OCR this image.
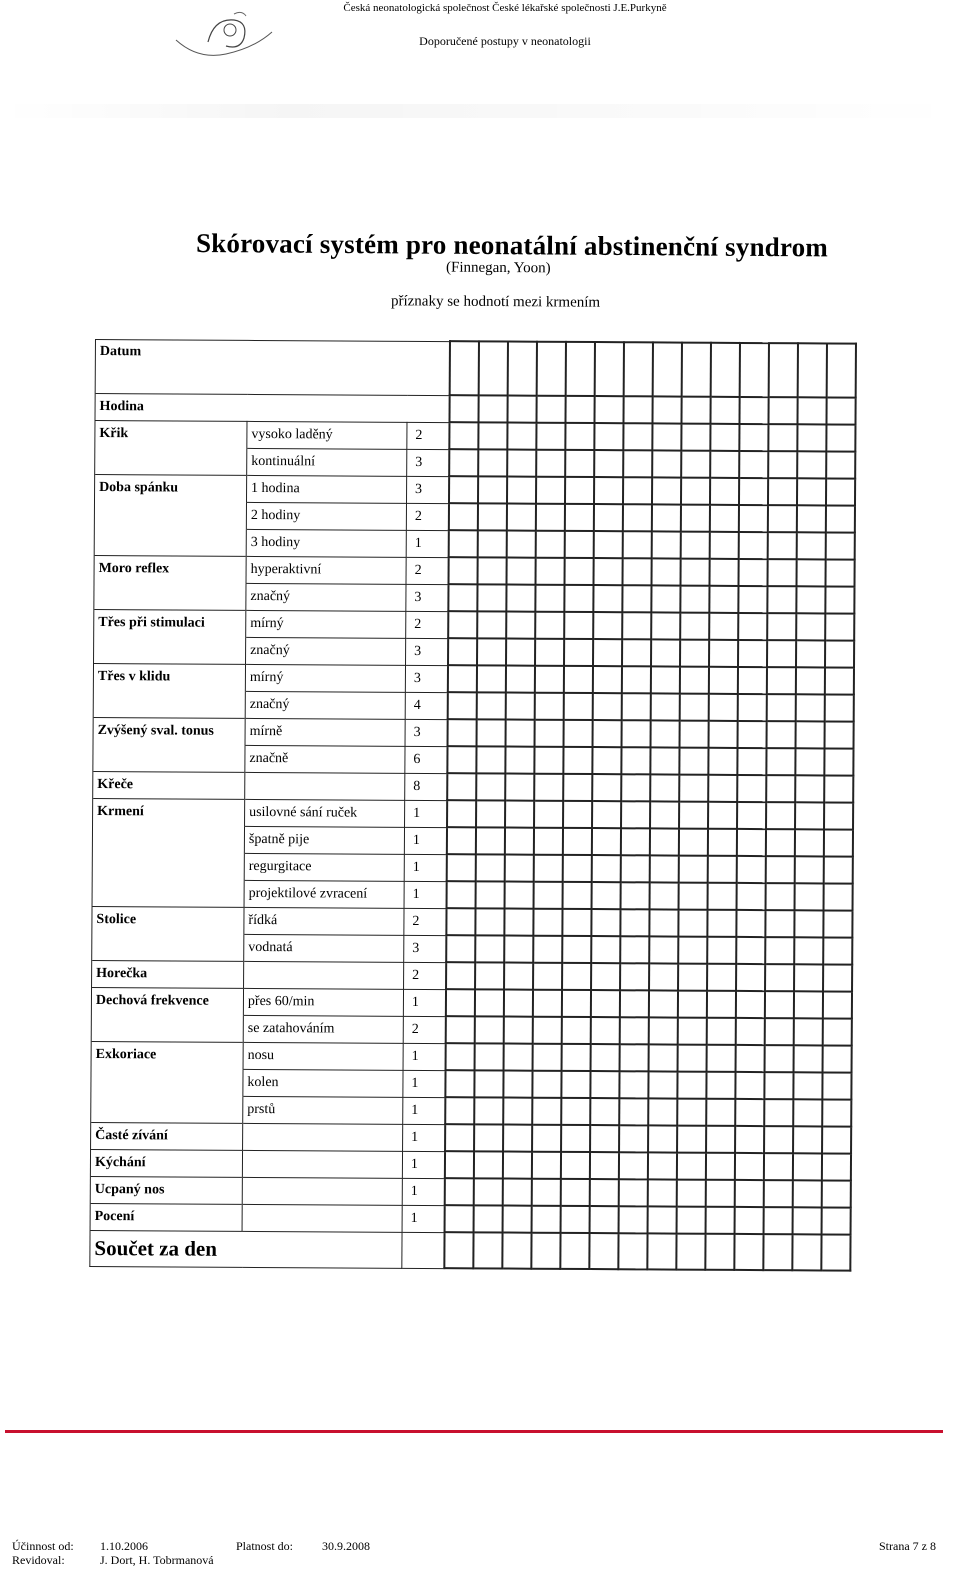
Česká neonatologická společnost České lékařské společnosti J.E.Purkyně
Doporučené postupy v neonatologii
Skórovací systém pro neonatální abstinenční syndrom
(Finnegan, Yoon)
příznaky se hodnotí mezi krmením
Datum																
Hodina																
Křik	vysoko laděný	2														
	kontinuální	3														
Doba spánku	1 hodina	3														
	2 hodiny	2														
	3 hodiny	1														
Moro reflex	hyperaktivní	2														
	značný	3														
Třes při stimulaci	mírný	2														
	značný	3														
Třes v klidu	mírný	3														
	značný	4														
Zvýšený sval. tonus	mírně	3														
	značně	6														
Křeče		8														
Krmení	usilovné sání ruček	1														
	špatně pije	1														
	regurgitace	1														
	projektilové zvracení	1														
Stolice	řídká	2														
	vodnatá	3														
Horečka		2														
Dechová frekvence	přes 60/min	1														
	se zatahováním	2														
Exkoriace	nosu	1														
	kolen	1														
	prstů	1														
Časté zívání		1														
Kýchání		1														
Ucpaný nos		1														
Pocení		1														
Součet za den																
Účinnost od: 1.10.2006	Platnost do: 30.9.2008	Strana 7 z 8
Revidoval:	J. Dort, H. Tobrmanová
